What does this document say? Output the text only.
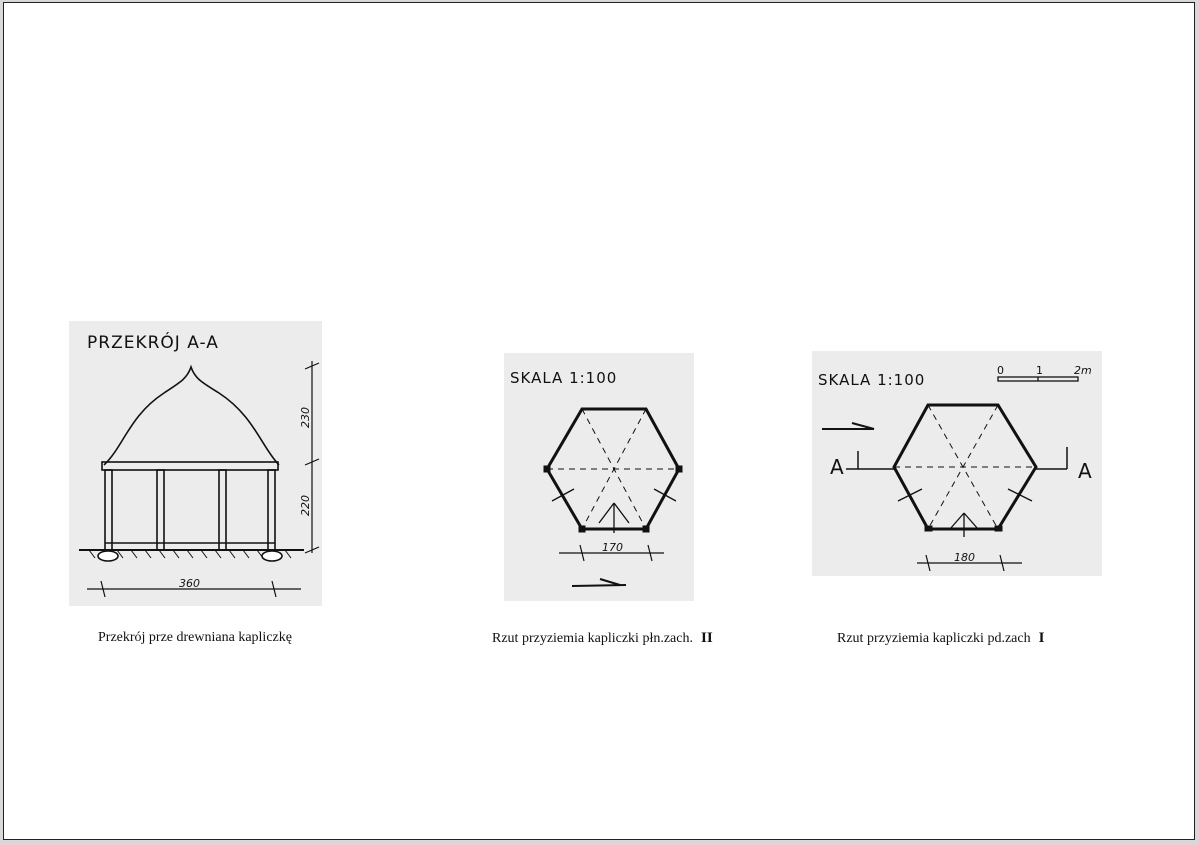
PRZEKRÓJ A-A
230
220
360
Przekrój prze drewniana kapliczkę
SKALA 1:100
170
Rzut przyziemia kapliczki płn.zach. II
SKALA 1:100
0	1	2m
A	A
180
Rzut przyziemia kapliczki pd.zach I
